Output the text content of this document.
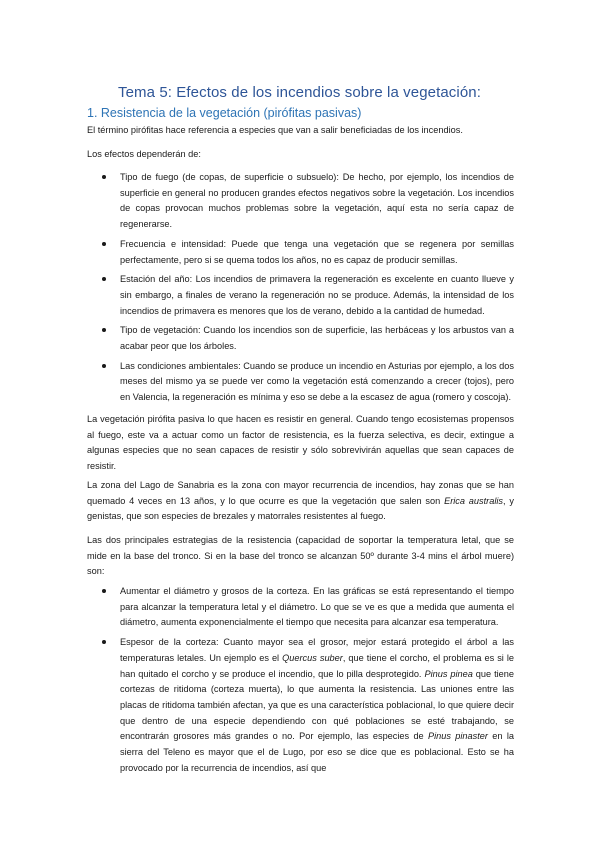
Tema 5: Efectos de los incendios sobre la vegetación:
1. Resistencia de la vegetación (pirófitas pasivas)

El término pirófitas hace referencia a especies que van a salir beneficiadas de los incendios.

Los efectos dependerán de:

Tipo de fuego (de copas, de superficie o subsuelo): De hecho, por ejemplo, los incendios de superficie en general no producen grandes efectos negativos sobre la vegetación. Los incendios de copas provocan muchos problemas sobre la vegetación, aquí esta no sería capaz de regenerarse.
Frecuencia e intensidad: Puede que tenga una vegetación que se regenera por semillas perfectamente, pero si se quema todos los años, no es capaz de producir semillas.
Estación del año: Los incendios de primavera la regeneración es excelente en cuanto llueve y sin embargo, a finales de verano la regeneración no se produce. Además, la intensidad de los incendios de primavera es menores que los de verano, debido a la cantidad de humedad.
Tipo de vegetación: Cuando los incendios son de superficie, las herbáceas y los arbustos van a acabar peor que los árboles.
Las condiciones ambientales: Cuando se produce un incendio en Asturias por ejemplo, a los dos meses del mismo ya se puede ver como la vegetación está comenzando a crecer (tojos), pero en Valencia, la regeneración es mínima y eso se debe a la escasez de agua (romero y coscoja).

La vegetación pirófita pasiva lo que hacen es resistir en general. Cuando tengo ecosistemas propensos al fuego, este va a actuar como un factor de resistencia, es la fuerza selectiva, es decir, extingue a algunas especies que no sean capaces de resistir y sólo sobrevivirán aquellas que sean capaces de resistir.

La zona del Lago de Sanabria es la zona con mayor recurrencia de incendios, hay zonas que se han quemado 4 veces en 13 años, y lo que ocurre es que la vegetación que salen son Erica australis, y genistas, que son especies de brezales y matorrales resistentes al fuego.

Las dos principales estrategias de la resistencia (capacidad de soportar la temperatura letal, que se mide en la base del tronco. Si en la base del tronco se alcanzan 50º durante 3-4 mins el árbol muere) son:

Aumentar el diámetro y grosos de la corteza. En las gráficas se está representando el tiempo para alcanzar la temperatura letal y el diámetro. Lo que se ve es que a medida que aumenta el diámetro, aumenta exponencialmente el tiempo que necesita para alcanzar esa temperatura.
Espesor de la corteza: Cuanto mayor sea el grosor, mejor estará protegido el árbol a las temperaturas letales. Un ejemplo es el Quercus suber, que tiene el corcho, el problema es si le han quitado el corcho y se produce el incendio, que lo pilla desprotegido. Pinus pinea que tiene cortezas de ritidoma (corteza muerta), lo que aumenta la resistencia. Las uniones entre las placas de ritidoma también afectan, ya que es una característica poblacional, lo que quiere decir que dentro de una especie dependiendo con qué poblaciones se esté trabajando, se encontrarán grosores más grandes o no. Por ejemplo, las especies de Pinus pinaster en la sierra del Teleno es mayor que el de Lugo, por eso se dice que es poblacional. Esto se ha provocado por la recurrencia de incendios, así que
